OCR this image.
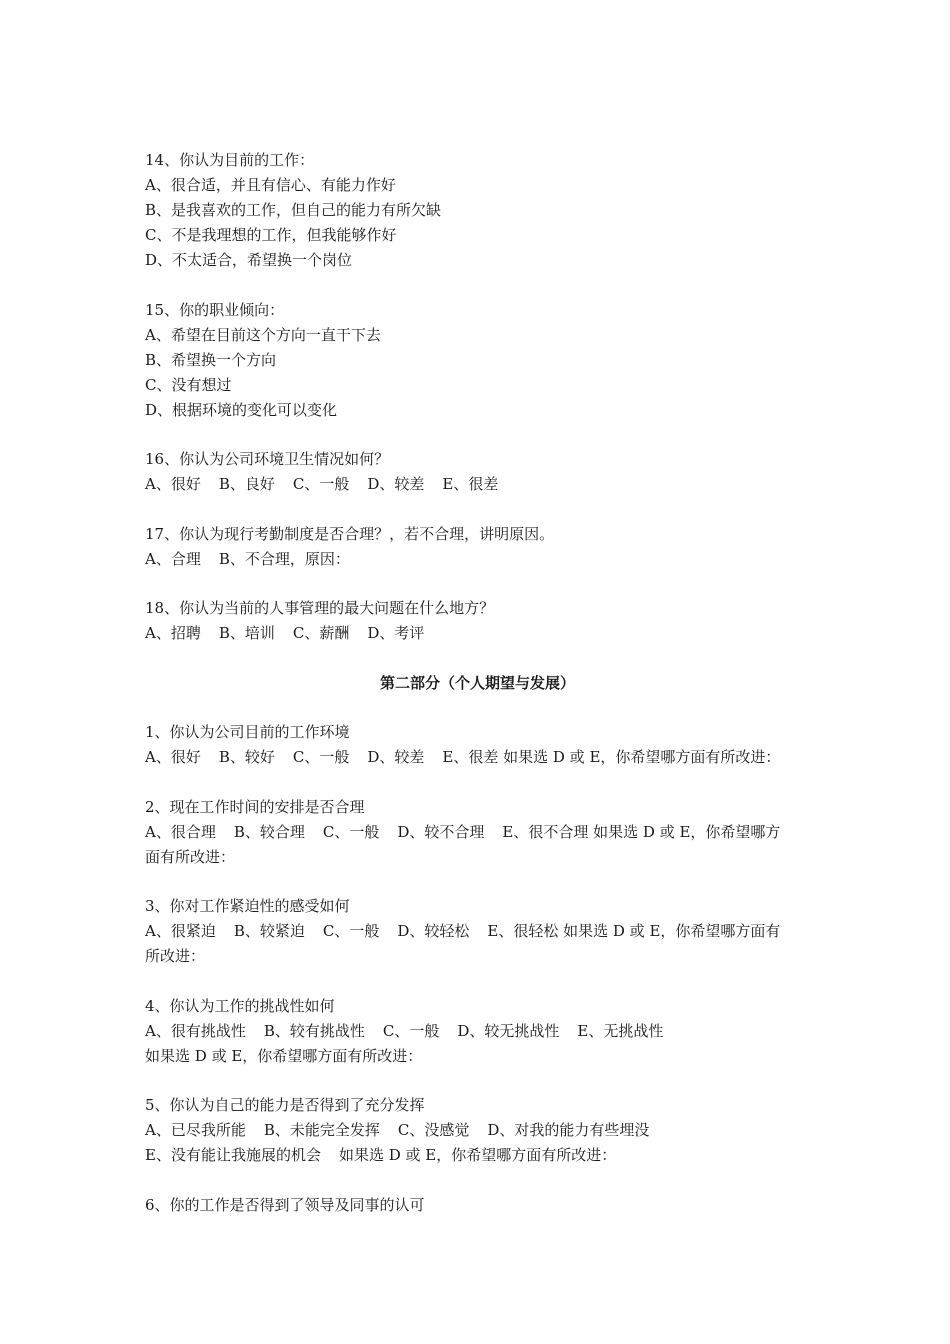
14、你认为目前的工作：
A、很合适，并且有信心、有能力作好
B、是我喜欢的工作，但自己的能力有所欠缺
C、不是我理想的工作，但我能够作好
D、不太适合，希望换一个岗位
15、你的职业倾向：
A、希望在目前这个方向一直干下去
B、希望换一个方向
C、没有想过
D、根据环境的变化可以变化
16、你认为公司环境卫生情况如何？
A、很好 B、良好 C、一般 D、较差 E、很差
17、你认为现行考勤制度是否合理？，若不合理，讲明原因。
A、合理 B、不合理，原因：
18、你认为当前的人事管理的最大问题在什么地方？
A、招聘 B、培训 C、薪酬 D、考评
第二部分（个人期望与发展）
1、你认为公司目前的工作环境
A、很好 B、较好 C、一般 D、较差 E、很差 如果选 D 或 E，你希望哪方面有所改进：
2、现在工作时间的安排是否合理
A、很合理 B、较合理 C、一般 D、较不合理 E、很不合理 如果选 D 或 E，你希望哪方
面有所改进：
3、你对工作紧迫性的感受如何
A、很紧迫 B、较紧迫 C、一般 D、较轻松 E、很轻松 如果选 D 或 E，你希望哪方面有
所改进：
4、你认为工作的挑战性如何
A、很有挑战性 B、较有挑战性 C、一般 D、较无挑战性 E、无挑战性
如果选 D 或 E，你希望哪方面有所改进：
5、你认为自己的能力是否得到了充分发挥
A、已尽我所能 B、未能完全发挥 C、没感觉 D、对我的能力有些埋没
E、没有能让我施展的机会 如果选 D 或 E，你希望哪方面有所改进：
6、你的工作是否得到了领导及同事的认可
